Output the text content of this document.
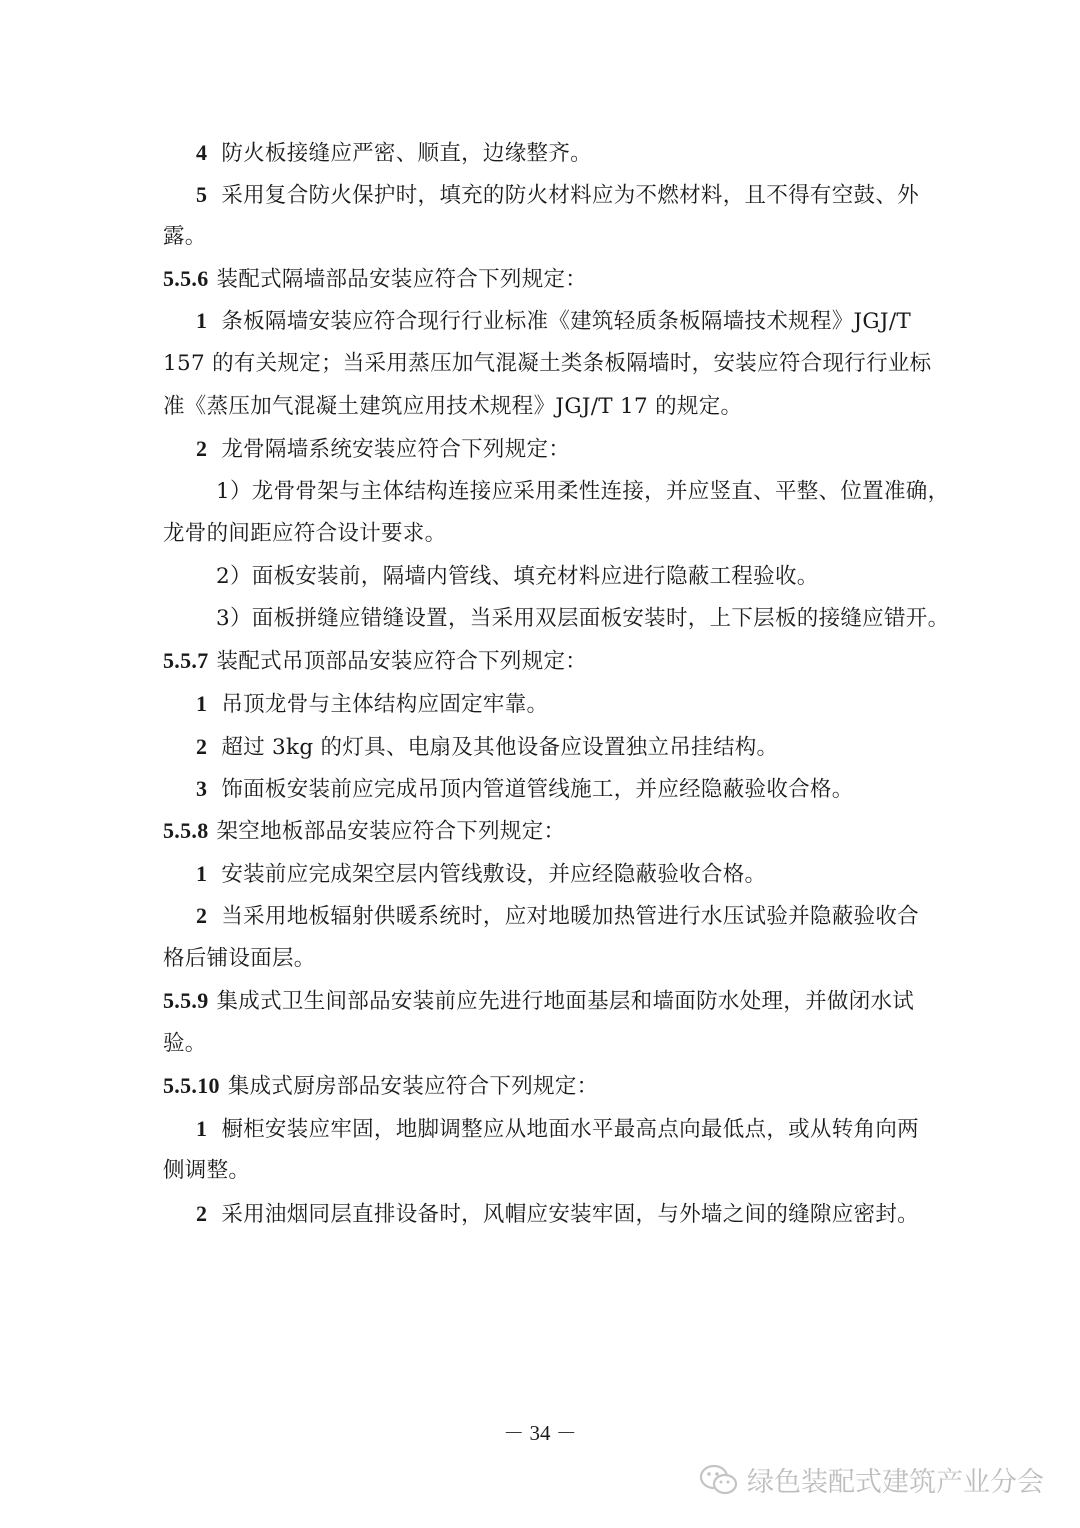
4 防火板接缝应严密、顺直，边缘整齐。
5 采用复合防火保护时，填充的防火材料应为不燃材料，且不得有空鼓、外
露。
5.5.6 装配式隔墙部品安装应符合下列规定：
1 条板隔墙安装应符合现行行业标准《建筑轻质条板隔墙技术规程》JGJ/T
157 的有关规定；当采用蒸压加气混凝土类条板隔墙时，安装应符合现行行业标
准《蒸压加气混凝土建筑应用技术规程》JGJ/T 17 的规定。
2 龙骨隔墙系统安装应符合下列规定：
1）龙骨骨架与主体结构连接应采用柔性连接，并应竖直、平整、位置准确，
龙骨的间距应符合设计要求。
2）面板安装前，隔墙内管线、填充材料应进行隐蔽工程验收。
3）面板拼缝应错缝设置，当采用双层面板安装时，上下层板的接缝应错开。
5.5.7 装配式吊顶部品安装应符合下列规定：
1 吊顶龙骨与主体结构应固定牢靠。
2 超过 3kg 的灯具、电扇及其他设备应设置独立吊挂结构。
3 饰面板安装前应完成吊顶内管道管线施工，并应经隐蔽验收合格。
5.5.8 架空地板部品安装应符合下列规定：
1 安装前应完成架空层内管线敷设，并应经隐蔽验收合格。
2 当采用地板辐射供暖系统时，应对地暖加热管进行水压试验并隐蔽验收合
格后铺设面层。
5.5.9 集成式卫生间部品安装前应先进行地面基层和墙面防水处理，并做闭水试
验。
5.5.10 集成式厨房部品安装应符合下列规定：
1 橱柜安装应牢固，地脚调整应从地面水平最高点向最低点，或从转角向两
侧调整。
2 采用油烟同层直排设备时，风帽应安装牢固，与外墙之间的缝隙应密封。
－ 34 －
绿色装配式建筑产业分会
